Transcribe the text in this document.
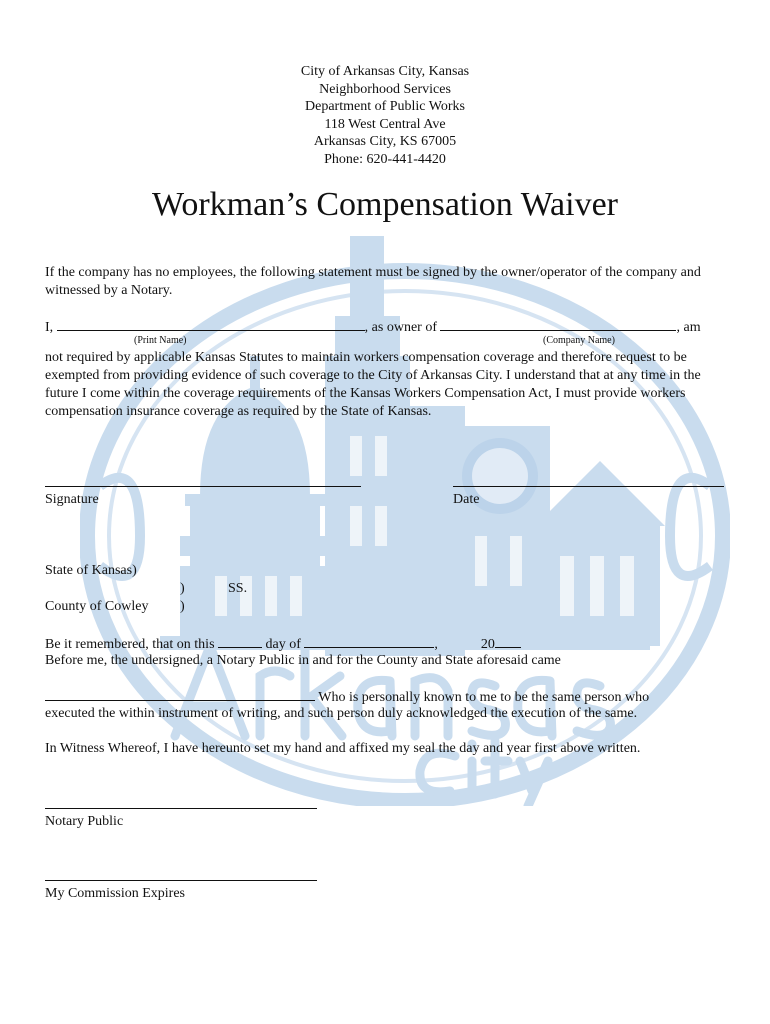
City of Arkansas City, Kansas
Neighborhood Services
Department of Public Works
118 West Central Ave
Arkansas City, KS 67005
Phone: 620-441-4420
Workman’s Compensation Waiver

If the company has no employees, the following statement must be signed by the owner/operator of the company and witnessed by a Notary.

I,	, as owner of	, am
(Print Name)	(Company Name)

not required by applicable Kansas Statutes to maintain workers compensation coverage and therefore request to be exempted from providing evidence of such coverage to the City of Arkansas City. I understand that at any time in the future I come within the coverage requirements of the Kansas Workers Compensation Act, I must provide workers compensation insurance coverage as required by the State of Kansas.

Signature	Date
State of Kansas)
)	SS.
County of Cowley )
Be it remembered, that on this	day of	,	20
Before me, the undersigned, a Notary Public in and for the County and State aforesaid came
Who is personally known to me to be the same person who
executed the within instrument of writing, and such person duly acknowledged the execution of the same.
In Witness Whereof, I have hereunto set my hand and affixed my seal the day and year first above written.
Notary Public
My Commission Expires
